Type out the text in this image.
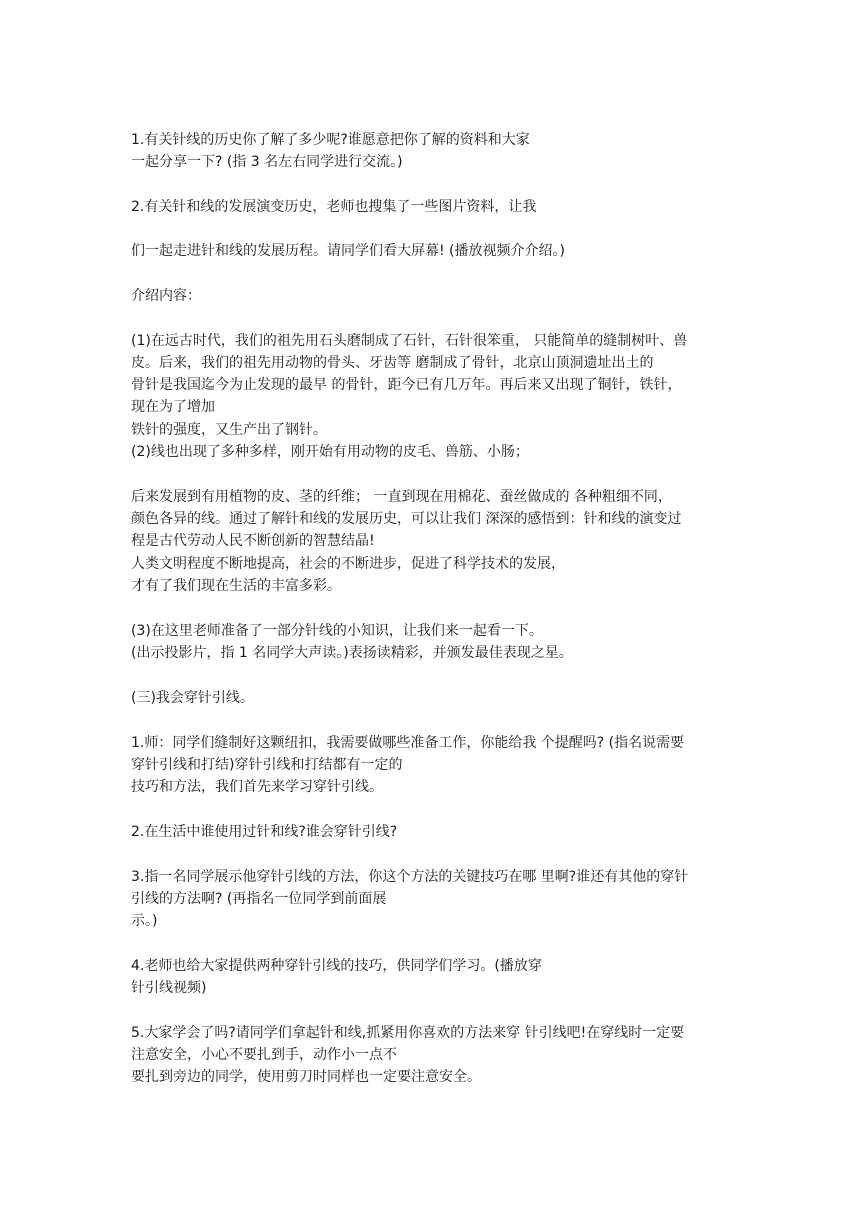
1.有关针线的历史你了解了多少呢?谁愿意把你了解的资料和大家
一起分享一下? (指 3 名左右同学进行交流。)
2.有关针和线的发展演变历史，老师也搜集了一些图片资料，让我
们一起走进针和线的发展历程。请同学们看大屏幕! (播放视频介介绍。)
介绍内容：
(1)在远古时代，我们的祖先用石头磨制成了石针，石针很笨重， 只能简单的缝制树叶、兽
皮。后来，我们的祖先用动物的骨头、牙齿等 磨制成了骨针，北京山顶洞遗址出土的
骨针是我国迄今为止发现的最早 的骨针，距今已有几万年。再后来又出现了铜针，铁针，
现在为了增加
铁针的强度，又生产出了钢针。
(2)线也出现了多种多样，刚开始有用动物的皮毛、兽筋、小肠；
后来发展到有用植物的皮、茎的纤维； 一直到现在用棉花、蚕丝做成的 各种粗细不同，
颜色各异的线。通过了解针和线的发展历史，可以让我们 深深的感悟到：针和线的演变过
程是古代劳动人民不断创新的智慧结晶!
人类文明程度不断地提高，社会的不断进步，促进了科学技术的发展，
才有了我们现在生活的丰富多彩。
(3)在这里老师准备了一部分针线的小知识，让我们来一起看一下。
(出示投影片，指 1 名同学大声读。)表扬读精彩，并颁发最佳表现之星。
(三)我会穿针引线。
1.师：同学们缝制好这颗纽扣，我需要做哪些准备工作，你能给我 个提醒吗? (指名说需要
穿针引线和打结)穿针引线和打结都有一定的
技巧和方法，我们首先来学习穿针引线。
2.在生活中谁使用过针和线?谁会穿针引线?
3.指一名同学展示他穿针引线的方法，你这个方法的关键技巧在哪 里啊?谁还有其他的穿针
引线的方法啊? (再指名一位同学到前面展
示。)
4.老师也给大家提供两种穿针引线的技巧，供同学们学习。(播放穿
针引线视频)
5.大家学会了吗?请同学们拿起针和线,抓紧用你喜欢的方法来穿 针引线吧!在穿线时一定要
注意安全，小心不要扎到手，动作小一点不
要扎到旁边的同学，使用剪刀时同样也一定要注意安全。
